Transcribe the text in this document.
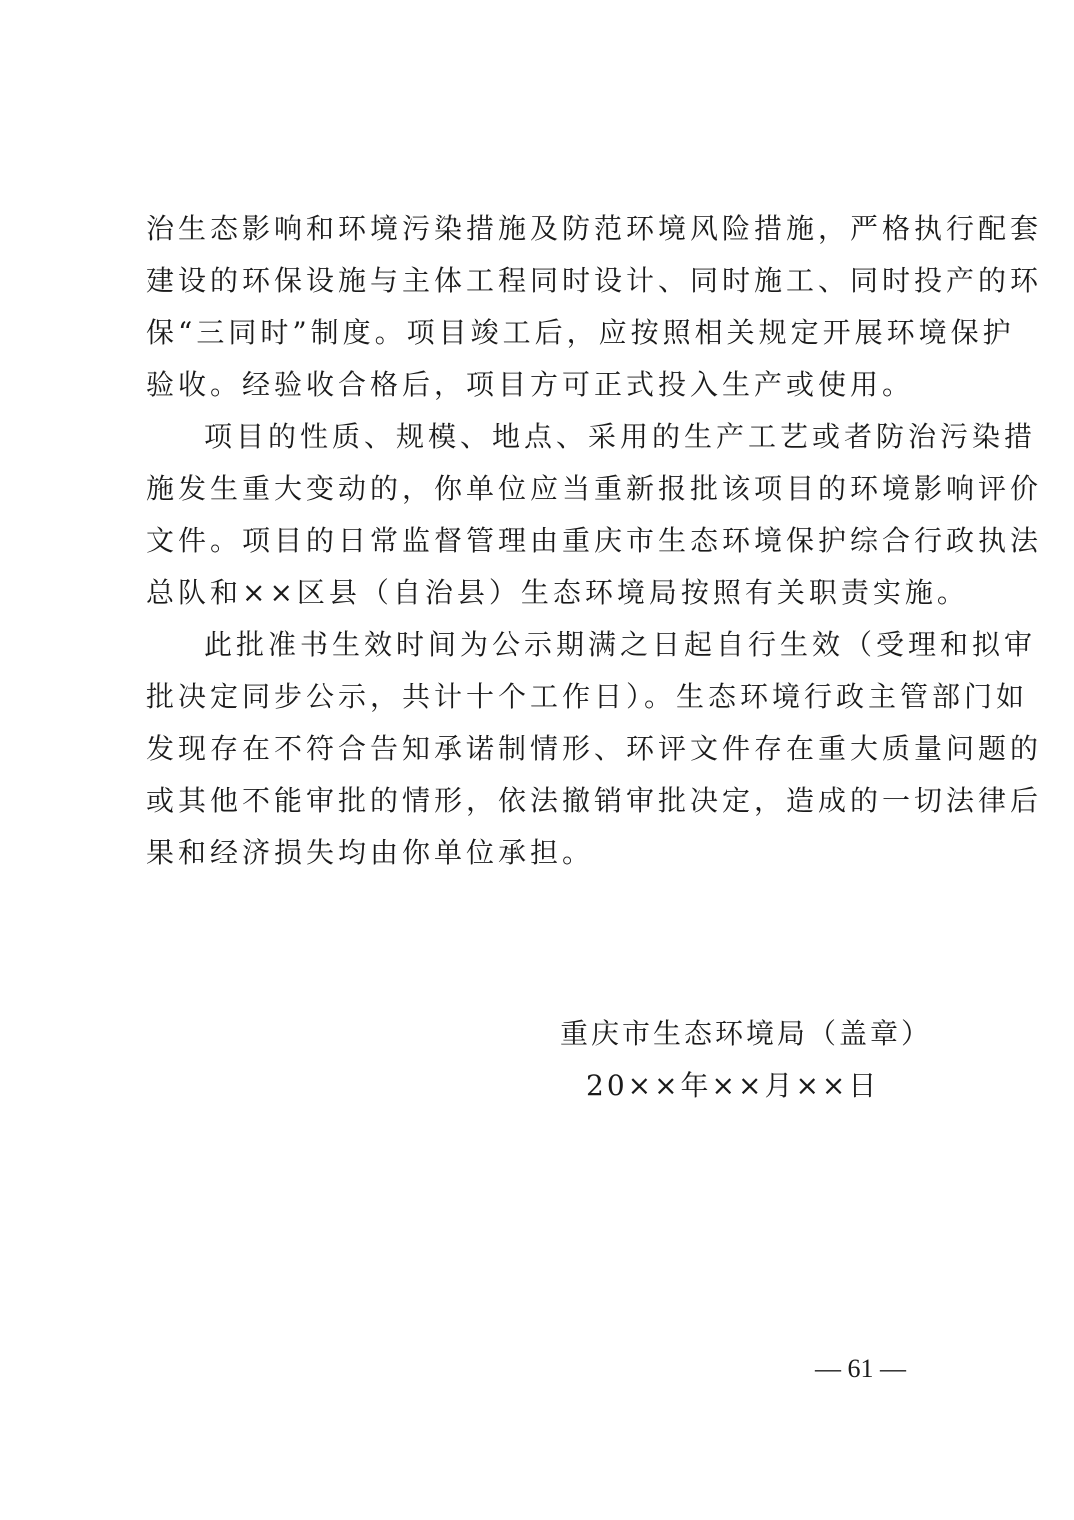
治生态影响和环境污染措施及防范环境风险措施，严格执行配套
建设的环保设施与主体工程同时设计、同时施工、同时投产的环
保“三同时”制度。项目竣工后，应按照相关规定开展环境保护
验收。经验收合格后，项目方可正式投入生产或使用。
项目的性质、规模、地点、采用的生产工艺或者防治污染措
施发生重大变动的，你单位应当重新报批该项目的环境影响评价
文件。项目的日常监督管理由重庆市生态环境保护综合行政执法
总队和××区县（自治县）生态环境局按照有关职责实施。
此批准书生效时间为公示期满之日起自行生效（受理和拟审
批决定同步公示，共计十个工作日）。生态环境行政主管部门如
发现存在不符合告知承诺制情形、环评文件存在重大质量问题的
或其他不能审批的情形，依法撤销审批决定，造成的一切法律后
果和经济损失均由你单位承担。
重庆市生态环境局（盖章）
20××年××月××日
— 61 —
